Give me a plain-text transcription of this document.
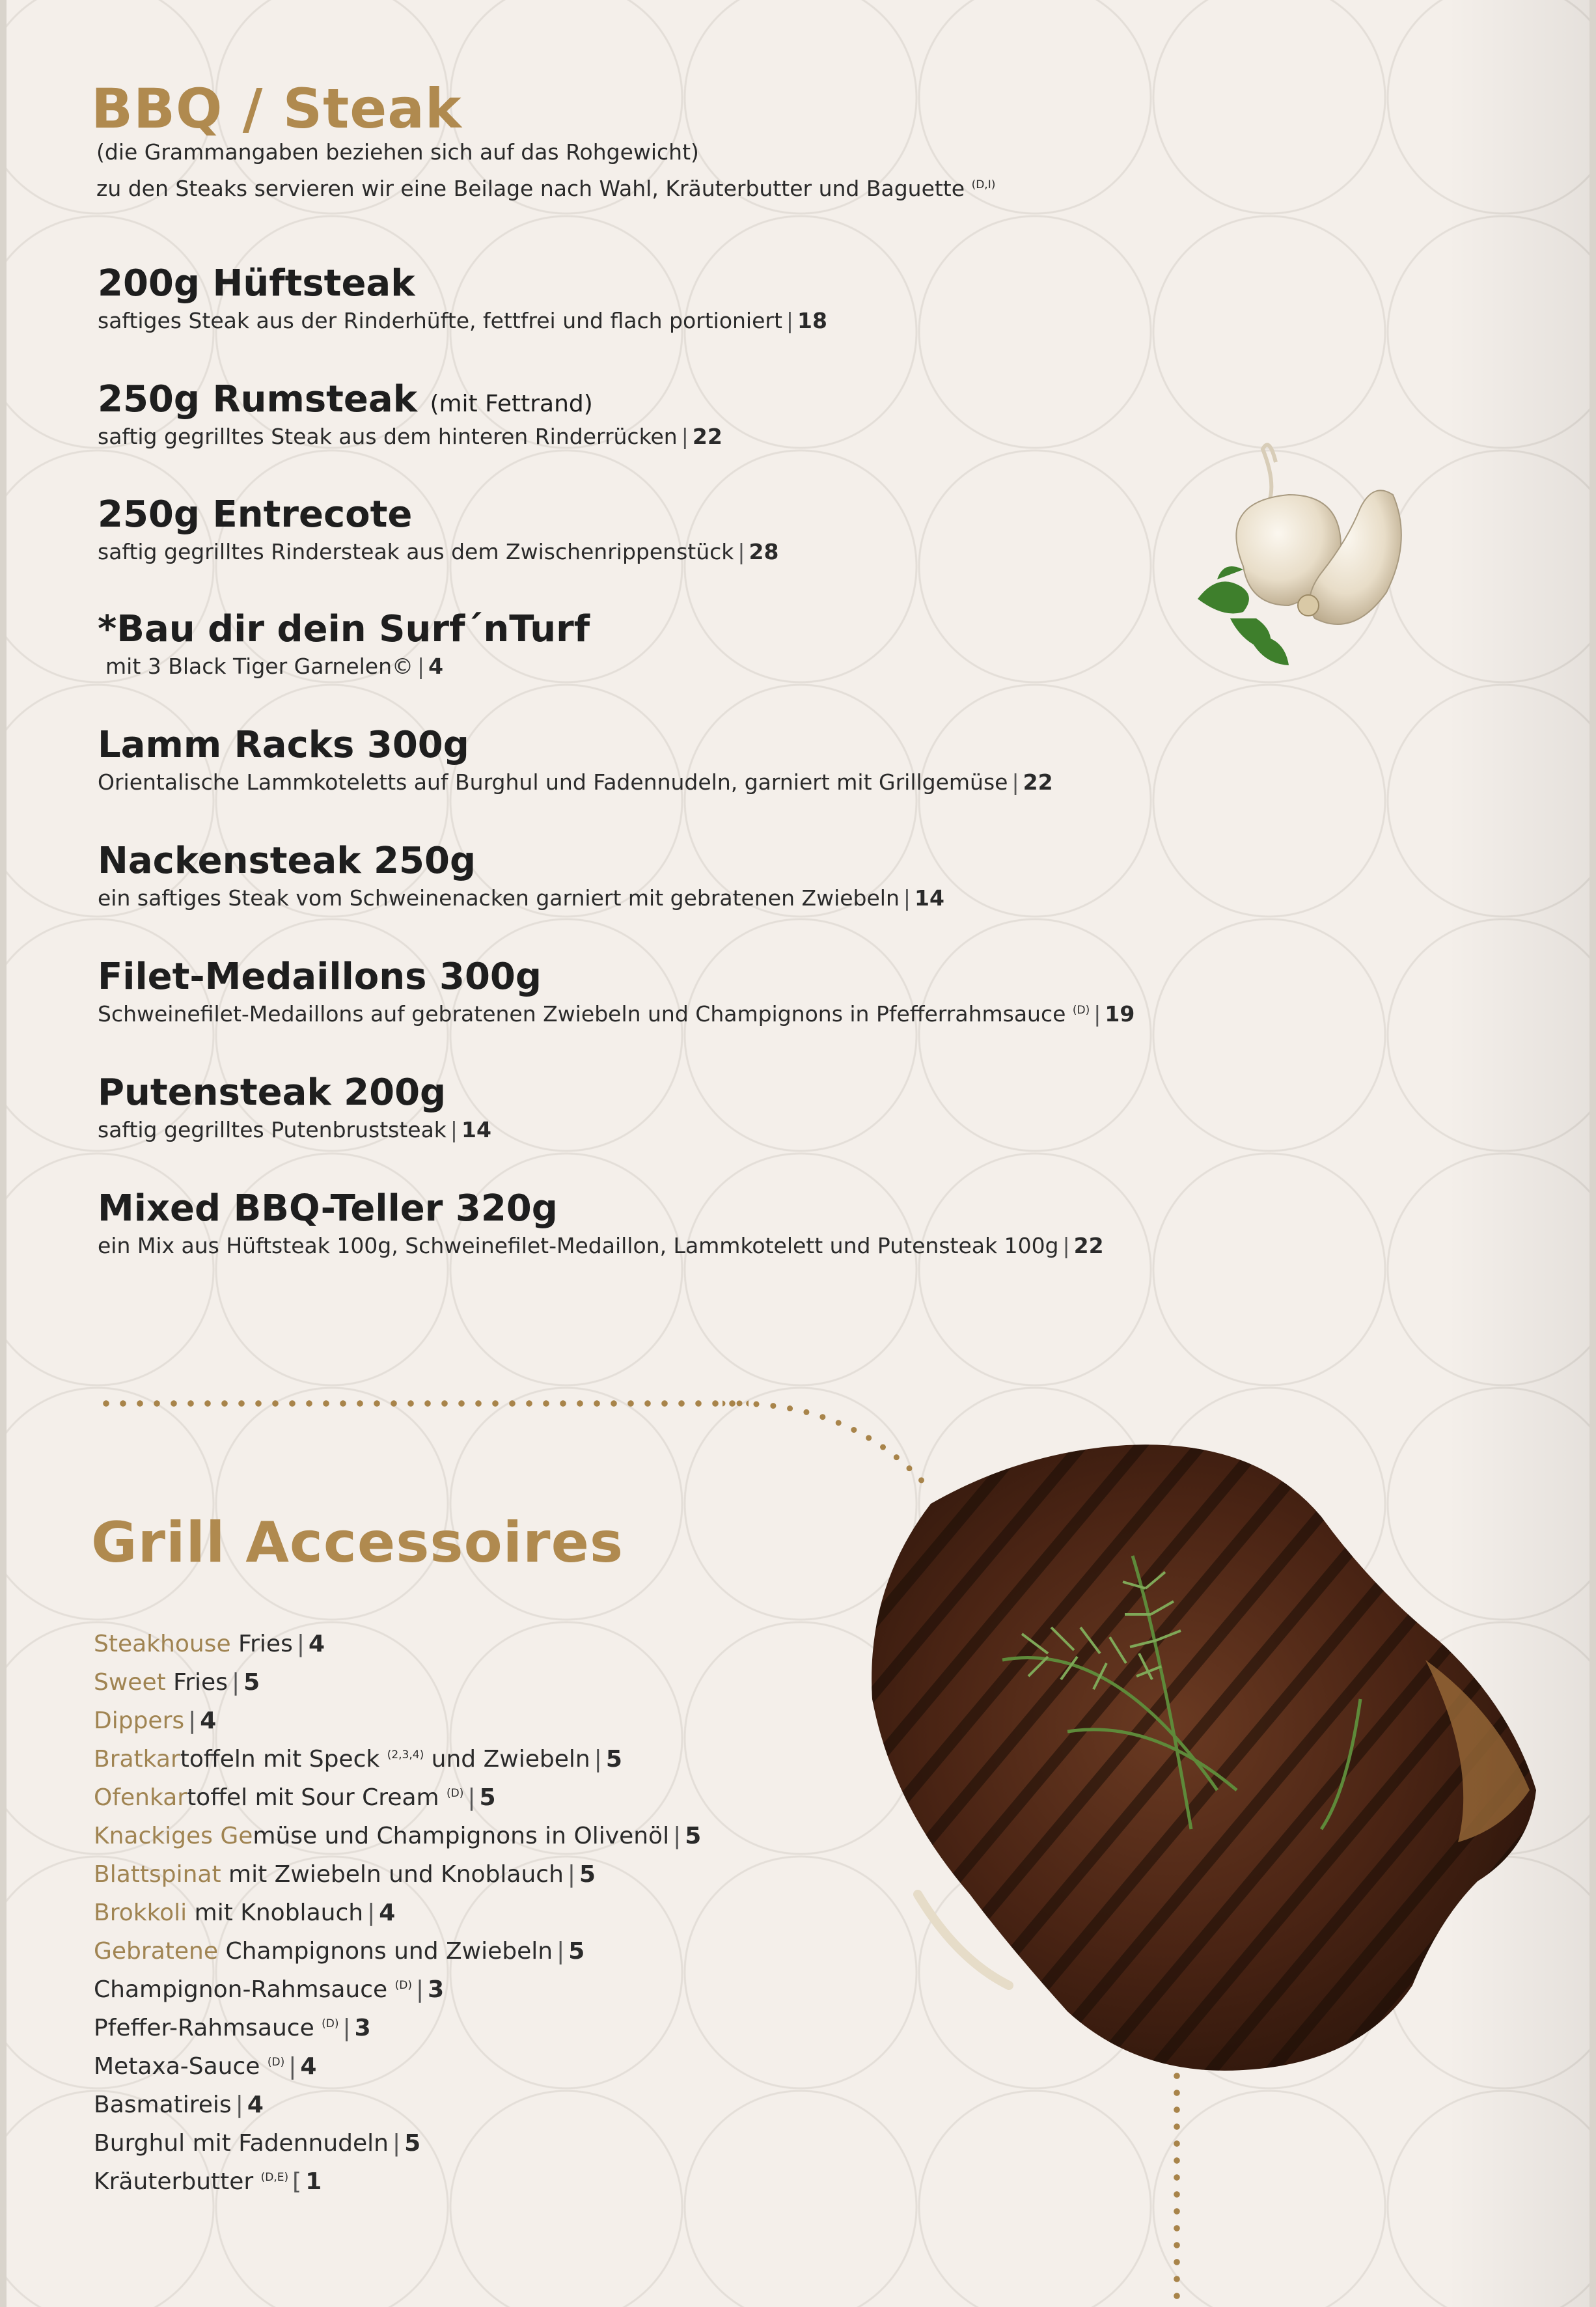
BBQ / Steak

(die Grammangaben beziehen sich auf das Rohgewicht)

zu den Steaks servieren wir eine Beilage nach Wahl, Kräuterbutter und Baguette $^{(D,I)}$

200g Hüftsteak
saftiges Steak aus der Rinderhüfte, fettfrei und flach portioniert | 18
250g Rumsteak (mit Fettrand)
saftig gegrilltes Steak aus dem hinteren Rinderrücken | 22
250g Entrecote
saftig gegrilltes Rindersteak aus dem Zwischenrippenstück | 28
*Bau dir dein Surf´nTurf
mit 3 Black Tiger Garnelen© | 4
Lamm Racks 300g
Orientalische Lammkoteletts auf Burghul und Fadennudeln, garniert mit Grillgemüse | 22
Nackensteak 250g
ein saftiges Steak vom Schweinenacken garniert mit gebratenen Zwiebeln | 14
Filet-Medaillons 300g
Schweinefilet-Medaillons auf gebratenen Zwiebeln und Champignons in Pfefferrahmsauce $^{(D)}$ | 19
Putensteak 200g
saftig gegrilltes Putenbruststeak | 14
Mixed BBQ-Teller 320g
ein Mix aus Hüftsteak 100g, Schweinefilet-Medaillon, Lammkotelett und Putensteak 100g | 22
Grill Accessoires
Steakhouse Fries | 4
Sweet Fries | 5
Dippers | 4
Bratkartoffeln mit Speck $^{(2,3,4)}$ und Zwiebeln | 5
Ofenkartoffel mit Sour Cream $^{(D)}$ | 5
Knackiges Gemüse und Champignons in Olivenöl | 5
Blattspinat mit Zwiebeln und Knoblauch | 5
Brokkoli mit Knoblauch | 4
Gebratene Champignons und Zwiebeln | 5
Champignon-Rahmsauce $^{(D)}$ | 3
Pfeffer-Rahmsauce $^{(D)}$ | 3
Metaxa-Sauce $^{(D)}$ | 4
Basmatireis | 4
Burghul mit Fadennudeln | 5
Kräuterbutter $^{(D,E)}$ [ 1
